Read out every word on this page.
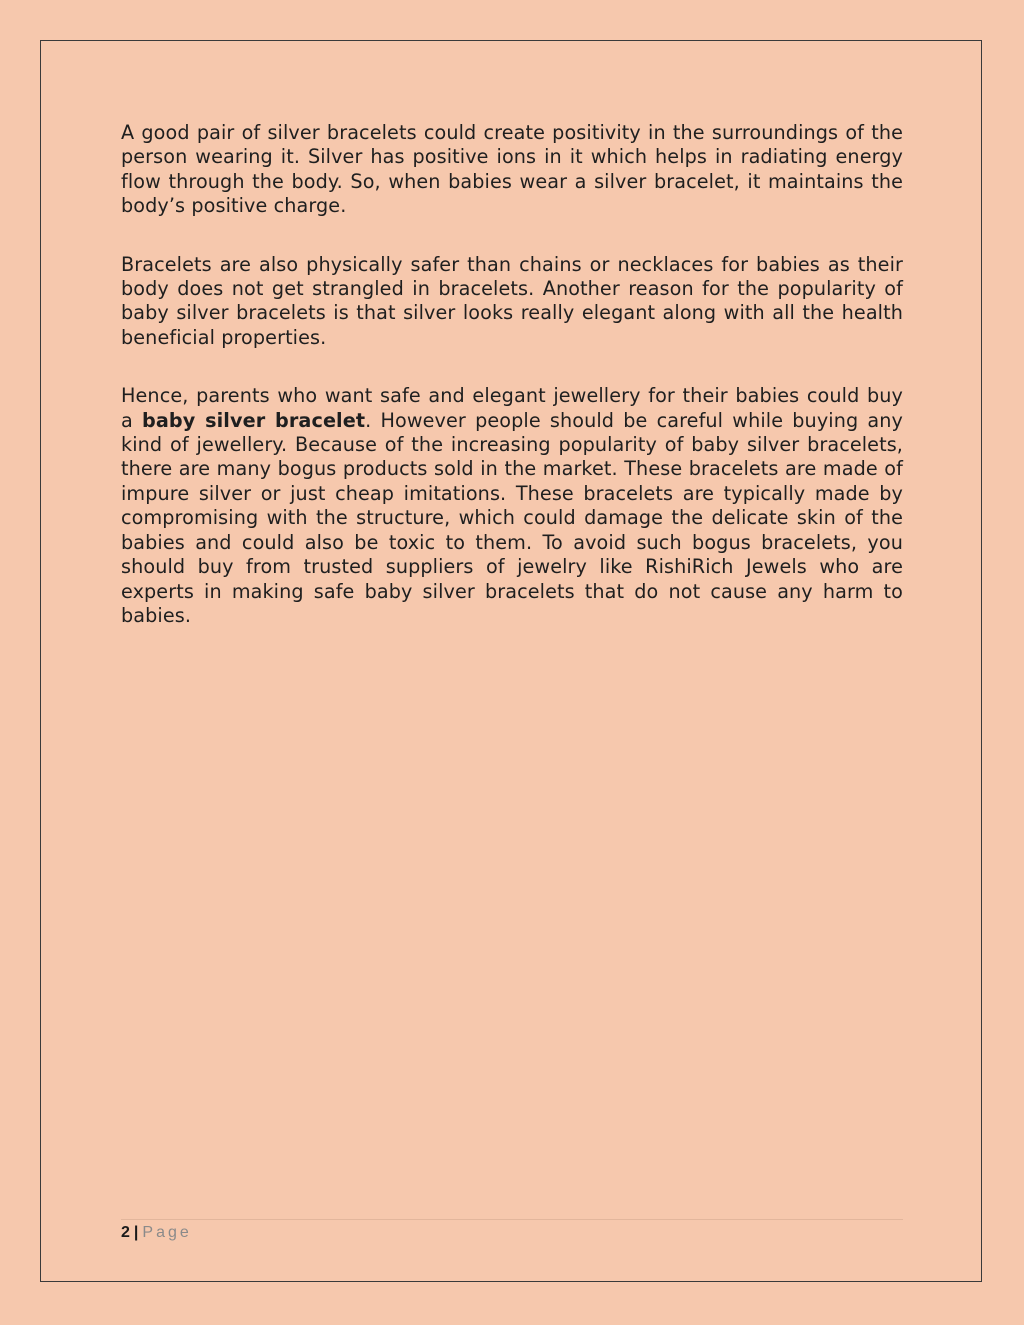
A good pair of silver bracelets could create positivity in the surroundings of the person wearing it. Silver has positive ions in it which helps in radiating energy flow through the body. So, when babies wear a silver bracelet, it maintains the body’s positive charge.

Bracelets are also physically safer than chains or necklaces for babies as their body does not get strangled in bracelets. Another reason for the popularity of baby silver bracelets is that silver looks really elegant along with all the health beneficial properties.

Hence, parents who want safe and elegant jewellery for their babies could buy a baby silver bracelet. However people should be careful while buying any kind of jewellery. Because of the increasing popularity of baby silver bracelets, there are many bogus products sold in the market. These bracelets are made of impure silver or just cheap imitations. These bracelets are typically made by compromising with the structure, which could damage the delicate skin of the babies and could also be toxic to them. To avoid such bogus bracelets, you should buy from trusted suppliers of jewelry like RishiRich Jewels who are experts in making safe baby silver bracelets that do not cause any harm to babies.

2 | Page
